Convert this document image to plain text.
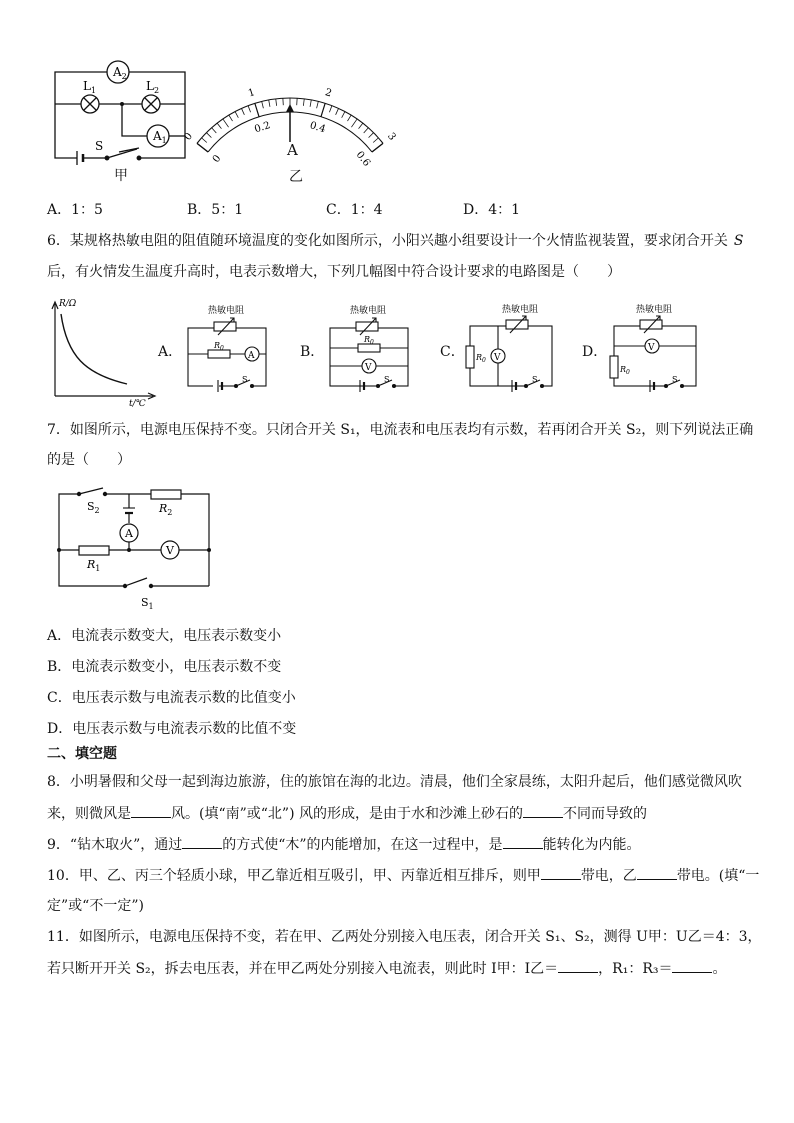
$A_2$
$A_1$
$L_1$	$L_2$
S
甲
0
0
1
0.2
2
0.4
3
0.6
A
乙
A．1：5	B．5：1	C．1：4	D．4：1
6．某规格热敏电阻的阻值随环境温度的变化如图所示，小阳兴趣小组要设计一个火情监视装置，要求闭合开关 S
后，有火情发生温度升高时，电表示数增大，下列几幅图中符合设计要求的电路图是（　　）
R/Ω
t/℃
A．
热敏电阻
$R_0$
A
S
B．
热敏电阻
$R_0$
V
S
C．
热敏电阻
$R_0$ V
S
D．
热敏电阻
$R_0$
V
S
7．如图所示，电源电压保持不变。只闭合开关 S₁，电流表和电压表均有示数，若再闭合开关 S₂，则下列说法正确
的是（　　）
A
V
$S_2$	$R_2$
$R_1$
$S_1$
A．电流表示数变大，电压表示数变小
B．电流表示数变小，电压表示数不变
C．电压表示数与电流表示数的比值变小
D．电压表示数与电流表示数的比值不变
二、填空题
8．小明暑假和父母一起到海边旅游，住的旅馆在海的北边。清晨，他们全家晨练，太阳升起后，他们感觉微风吹
来，则微风是	风。(填“南”或“北”) 风的形成，是由于水和沙滩上砂石的	不同而导致的
9．“钻木取火”，通过	的方式使“木”的内能增加，在这一过程中，是	能转化为内能。
10．甲、乙、丙三个轻质小球，甲乙靠近相互吸引，甲、丙靠近相互排斥，则甲	带电，乙	带电。(填“一
定”或“不一定”)
11．如图所示，电源电压保持不变，若在甲、乙两处分别接入电压表，闭合开关 S₁、S₂，测得 U甲：U乙＝4：3，
若只断开开关 S₂，拆去电压表，并在甲乙两处分别接入电流表，则此时 I甲：I乙＝	，R₁：R₃＝	。
